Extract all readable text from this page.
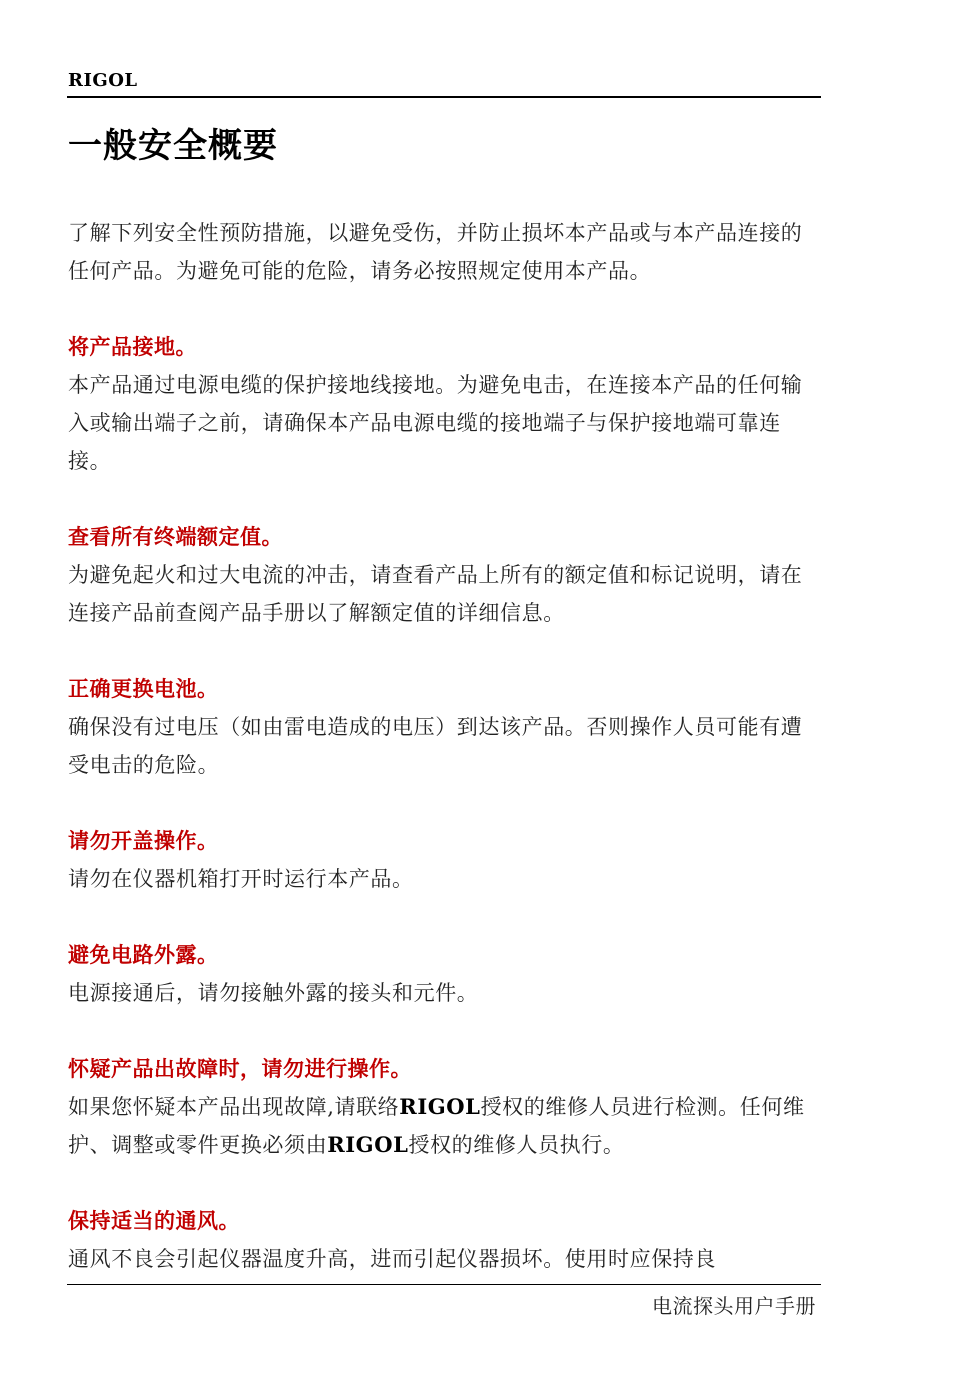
RIGOL
一般安全概要

了解下列安全性预防措施，以避免受伤，并防止损坏本产品或与本产品连接的任何产品。为避免可能的危险，请务必按照规定使用本产品。

将产品接地。

本产品通过电源电缆的保护接地线接地。为避免电击，在连接本产品的任何输入或输出端子之前，请确保本产品电源电缆的接地端子与保护接地端可靠连接。

查看所有终端额定值。

为避免起火和过大电流的冲击，请查看产品上所有的额定值和标记说明，请在连接产品前查阅产品手册以了解额定值的详细信息。

正确更换电池。

确保没有过电压（如由雷电造成的电压）到达该产品。否则操作人员可能有遭受电击的危险。

请勿开盖操作。

请勿在仪器机箱打开时运行本产品。

避免电路外露。

电源接通后，请勿接触外露的接头和元件。

怀疑产品出故障时，请勿进行操作。

如果您怀疑本产品出现故障,请联络RIGOL授权的维修人员进行检测。任何维护、调整或零件更换必须由RIGOL授权的维修人员执行。

保持适当的通风。

通风不良会引起仪器温度升高，进而引起仪器损坏。使用时应保持良

电流探头用户手册
